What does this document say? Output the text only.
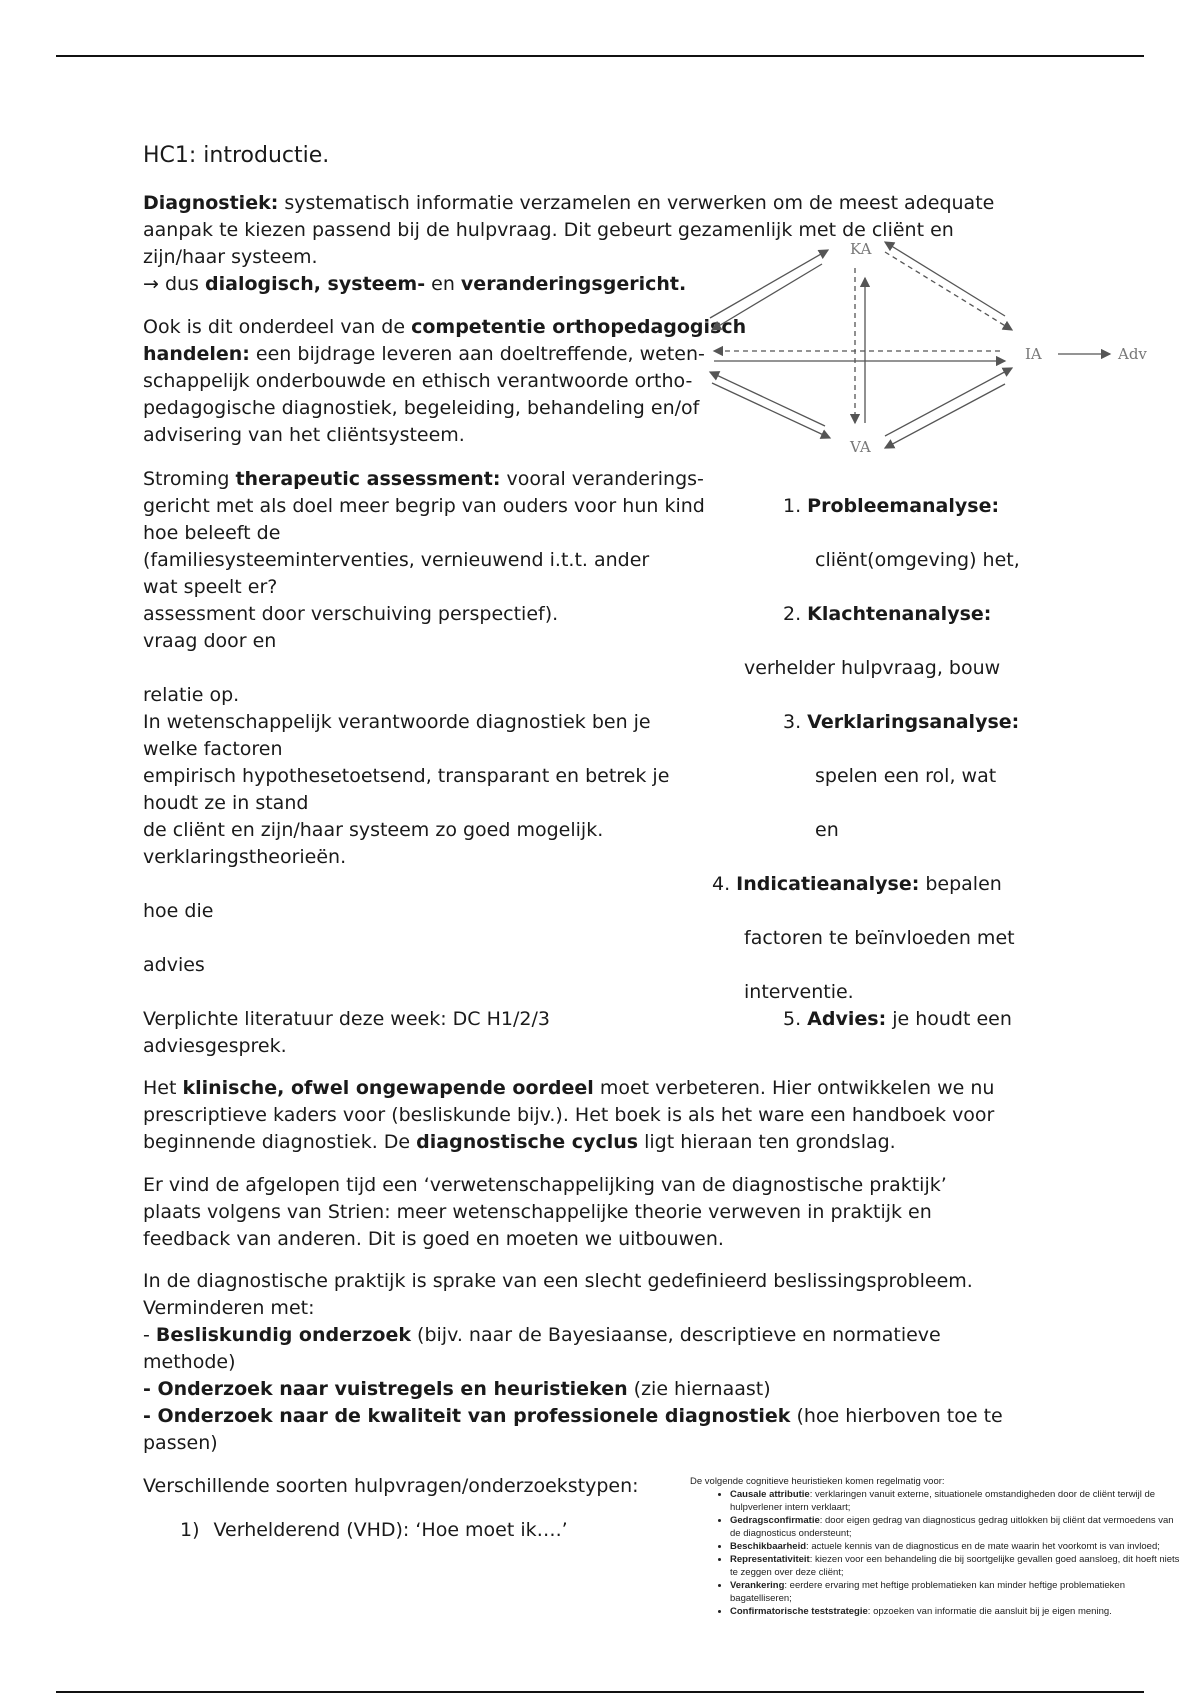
HC1: introductie.
Diagnostiek: systematisch informatie verzamelen en verwerken om de meest adequate
aanpak te kiezen passend bij de hulpvraag. Dit gebeurt gezamenlijk met de cliënt en
zijn/haar systeem.
→ dus dialogisch, systeem- en veranderingsgericht.
Ook is dit onderdeel van de competentie orthopedagogisch
handelen: een bijdrage leveren aan doeltreffende, weten-
schappelijk onderbouwde en ethisch verantwoorde ortho-
pedagogische diagnostiek, begeleiding, behandeling en/of
advisering van het cliëntsysteem.
KA
IA
VA
Adv
Stroming therapeutic assessment: vooral veranderings-
gericht met als doel meer begrip van ouders voor hun kind
hoe beleeft de
(familiesysteeminterventies, vernieuwend i.t.t. ander
wat speelt er?
assessment door verschuiving perspectief).
vraag door en
relatie op.
In wetenschappelijk verantwoorde diagnostiek ben je
welke factoren
empirisch hypothesetoetsend, transparant en betrek je
houdt ze in stand
de cliënt en zijn/haar systeem zo goed mogelijk.
verklaringstheorieën.
hoe die
advies
Verplichte literatuur deze week: DC H1/2/3
adviesgesprek.
1. Probleemanalyse:
cliënt(omgeving) het,
2. Klachtenanalyse:
verhelder hulpvraag, bouw
3. Verklaringsanalyse:
spelen een rol, wat
en
4. Indicatieanalyse: bepalen
factoren te beïnvloeden met
interventie.
5. Advies: je houdt een
Het klinische, ofwel ongewapende oordeel moet verbeteren. Hier ontwikkelen we nu
prescriptieve kaders voor (besliskunde bijv.). Het boek is als het ware een handboek voor
beginnende diagnostiek. De diagnostische cyclus ligt hieraan ten grondslag.
Er vind de afgelopen tijd een ‘verwetenschappelijking van de diagnostische praktijk’
plaats volgens van Strien: meer wetenschappelijke theorie verweven in praktijk en
feedback van anderen. Dit is goed en moeten we uitbouwen.
In de diagnostische praktijk is sprake van een slecht gedefinieerd beslissingsprobleem.
Verminderen met:
- Besliskundig onderzoek (bijv. naar de Bayesiaanse, descriptieve en normatieve
methode)
- Onderzoek naar vuistregels en heuristieken (zie hiernaast)
- Onderzoek naar de kwaliteit van professionele diagnostiek (hoe hierboven toe te
passen)
Verschillende soorten hulpvragen/onderzoekstypen:
1) Verhelderend (VHD): ‘Hoe moet ik….’
De volgende cognitieve heuristieken komen regelmatig voor:
• Causale attributie: verklaringen vanuit externe, situationele omstandigheden door de cliënt terwijl de hulpverlener intern verklaart;
• Gedragsconfirmatie: door eigen gedrag van diagnosticus gedrag uitlokken bij cliënt dat vermoedens van de diagnosticus ondersteunt;
• Beschikbaarheid: actuele kennis van de diagnosticus en de mate waarin het voorkomt is van invloed;
• Representativiteit: kiezen voor een behandeling die bij soortgelijke gevallen goed aansloeg, dit hoeft niets te zeggen over deze cliënt;
• Verankering: eerdere ervaring met heftige problematieken kan minder heftige problematieken bagatelliseren;
• Confirmatorische teststrategie: opzoeken van informatie die aansluit bij je eigen mening.
